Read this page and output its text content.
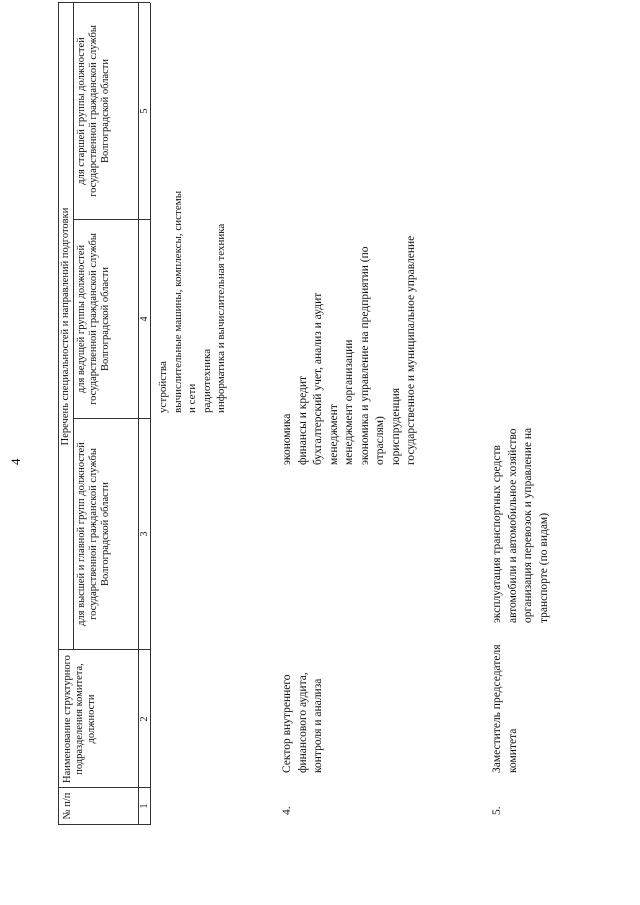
4
№ п/п
Наименование структурного подразделения комитета, должности
Перечень специальностей и направлений подготовки
для высшей и главной групп должностей государственной гражданской службы Волгоградской области
для ведущей группы должностей государственной гражданской службы Волгоградской области
для старшей группы должностей государственной гражданской службы Волгоградской области
1
2
3
4
5
устройства
вычислительные машины, комплексы, системы и сети
радиотехника
информатика и вычислительная техника
4.
Сектор внутреннего финансового аудита, контроля и анализа
экономика
финансы и кредит
бухгалтерский учет, анализ и аудит
менеджмент
менеджмент организации
экономика и управление на предприятии (по отраслям)
юриспруденция
государственное и муниципальное управление
5.
Заместитель председателя комитета
эксплуатация транспортных средств
автомобили и автомобильное хозяйство
организация перевозок и управление на транспорте (по видам)
